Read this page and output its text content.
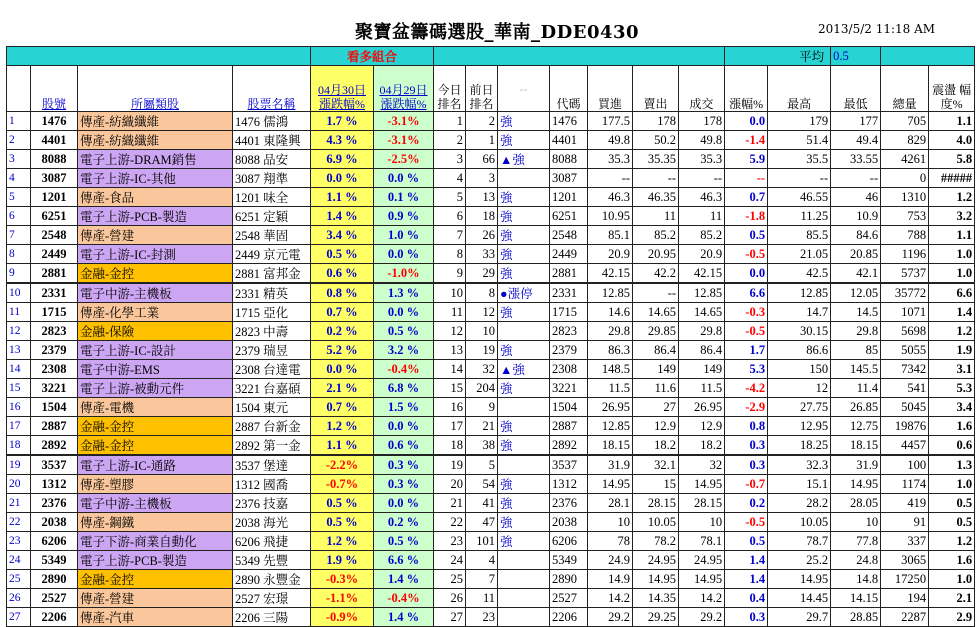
聚寶盆籌碼選股_華南_DDE0430	2013/5/2 11:18 AM
				看多組合									平均		0.5		
	股號	所屬類股	股票名稱	04月30日 漲跌幅%	04月29日 漲跌幅%	今日 排名	前日 排名	--	代碼	買進	賣出	成交	漲幅%	最高	最低	總量	震盪 幅度%
1	1476	傳產-紡織纖維	1476 儒鴻	1.7 %	-3.1%	1	2	強	1476	177.5	178	178	0.0	179	177	705	1.1
2	4401	傳產-紡織纖維	4401 東隆興	4.3 %	-3.1%	2	1	強	4401	49.8	50.2	49.8	-1.4	51.4	49.4	829	4.0
3	8088	電子上游-DRAM銷售	8088 品安	6.9 %	-2.5%	3	66	▲強	8088	35.3	35.35	35.3	5.9	35.5	33.55	4261	5.8
4	3087	電子上游-IC-其他	3087 翔準	0.0 %	0.0 %	4	3		3087	--	--	--	--	--	--	0	#####
5	1201	傳產-食品	1201 味全	1.1 %	0.1 %	5	13	強	1201	46.3	46.35	46.3	0.7	46.55	46	1310	1.2
6	6251	電子上游-PCB-製造	6251 定穎	1.4 %	0.9 %	6	18	強	6251	10.95	11	11	-1.8	11.25	10.9	753	3.2
7	2548	傳產-營建	2548 華固	3.4 %	1.0 %	7	26	強	2548	85.1	85.2	85.2	0.5	85.5	84.6	788	1.1
8	2449	電子上游-IC-封測	2449 京元電	0.5 %	0.0 %	8	33	強	2449	20.9	20.95	20.9	-0.5	21.05	20.85	1196	1.0
9	2881	金融-金控	2881 富邦金	0.6 %	-1.0%	9	29	強	2881	42.15	42.2	42.15	0.0	42.5	42.1	5737	1.0
10	2331	電子中游-主機板	2331 精英	0.8 %	1.3 %	10	8	●漲停	2331	12.85	--	12.85	6.6	12.85	12.05	35772	6.6
11	1715	傳產-化學工業	1715 亞化	0.7 %	0.0 %	11	12	強	1715	14.6	14.65	14.65	-0.3	14.7	14.5	1071	1.4
12	2823	金融-保險	2823 中壽	0.2 %	0.5 %	12	10		2823	29.8	29.85	29.8	-0.5	30.15	29.8	5698	1.2
13	2379	電子上游-IC-設計	2379 瑞昱	5.2 %	3.2 %	13	19	強	2379	86.3	86.4	86.4	1.7	86.6	85	5055	1.9
14	2308	電子中游-EMS	2308 台達電	0.0 %	-0.4%	14	32	▲強	2308	148.5	149	149	5.3	150	145.5	7342	3.1
15	3221	電子上游-被動元件	3221 台嘉碩	2.1 %	6.8 %	15	204	強	3221	11.5	11.6	11.5	-4.2	12	11.4	541	5.3
16	1504	傳產-電機	1504 東元	0.7 %	1.5 %	16	9		1504	26.95	27	26.95	-2.9	27.75	26.85	5045	3.4
17	2887	金融-金控	2887 台新金	1.2 %	0.0 %	17	21	強	2887	12.85	12.9	12.9	0.8	12.95	12.75	19876	1.6
18	2892	金融-金控	2892 第一金	1.1 %	0.6 %	18	38	強	2892	18.15	18.2	18.2	0.3	18.25	18.15	4457	0.6
19	3537	電子上游-IC-通路	3537 堡達	-2.2%	0.3 %	19	5		3537	31.9	32.1	32	0.3	32.3	31.9	100	1.3
20	1312	傳產-塑膠	1312 國喬	-0.7%	0.3 %	20	54	強	1312	14.95	15	14.95	-0.7	15.1	14.95	1174	1.0
21	2376	電子中游-主機板	2376 技嘉	0.5 %	0.0 %	21	41	強	2376	28.1	28.15	28.15	0.2	28.2	28.05	419	0.5
22	2038	傳產-鋼鐵	2038 海光	0.5 %	0.2 %	22	47	強	2038	10	10.05	10	-0.5	10.05	10	91	0.5
23	6206	電子下游-商業自動化	6206 飛捷	1.2 %	0.5 %	23	101	強	6206	78	78.2	78.1	0.5	78.7	77.8	337	1.2
24	5349	電子上游-PCB-製造	5349 先豐	1.9 %	6.6 %	24	4		5349	24.9	24.95	24.95	1.4	25.2	24.8	3065	1.6
25	2890	金融-金控	2890 永豐金	-0.3%	1.4 %	25	7		2890	14.9	14.95	14.95	1.4	14.95	14.8	17250	1.0
26	2527	傳產-營建	2527 宏璟	-1.1%	-0.4%	26	11		2527	14.2	14.35	14.2	0.4	14.45	14.15	194	2.1
27	2206	傳產-汽車	2206 三陽	-0.9%	1.4 %	27	23		2206	29.2	29.25	29.2	0.3	29.7	28.85	2287	2.9
